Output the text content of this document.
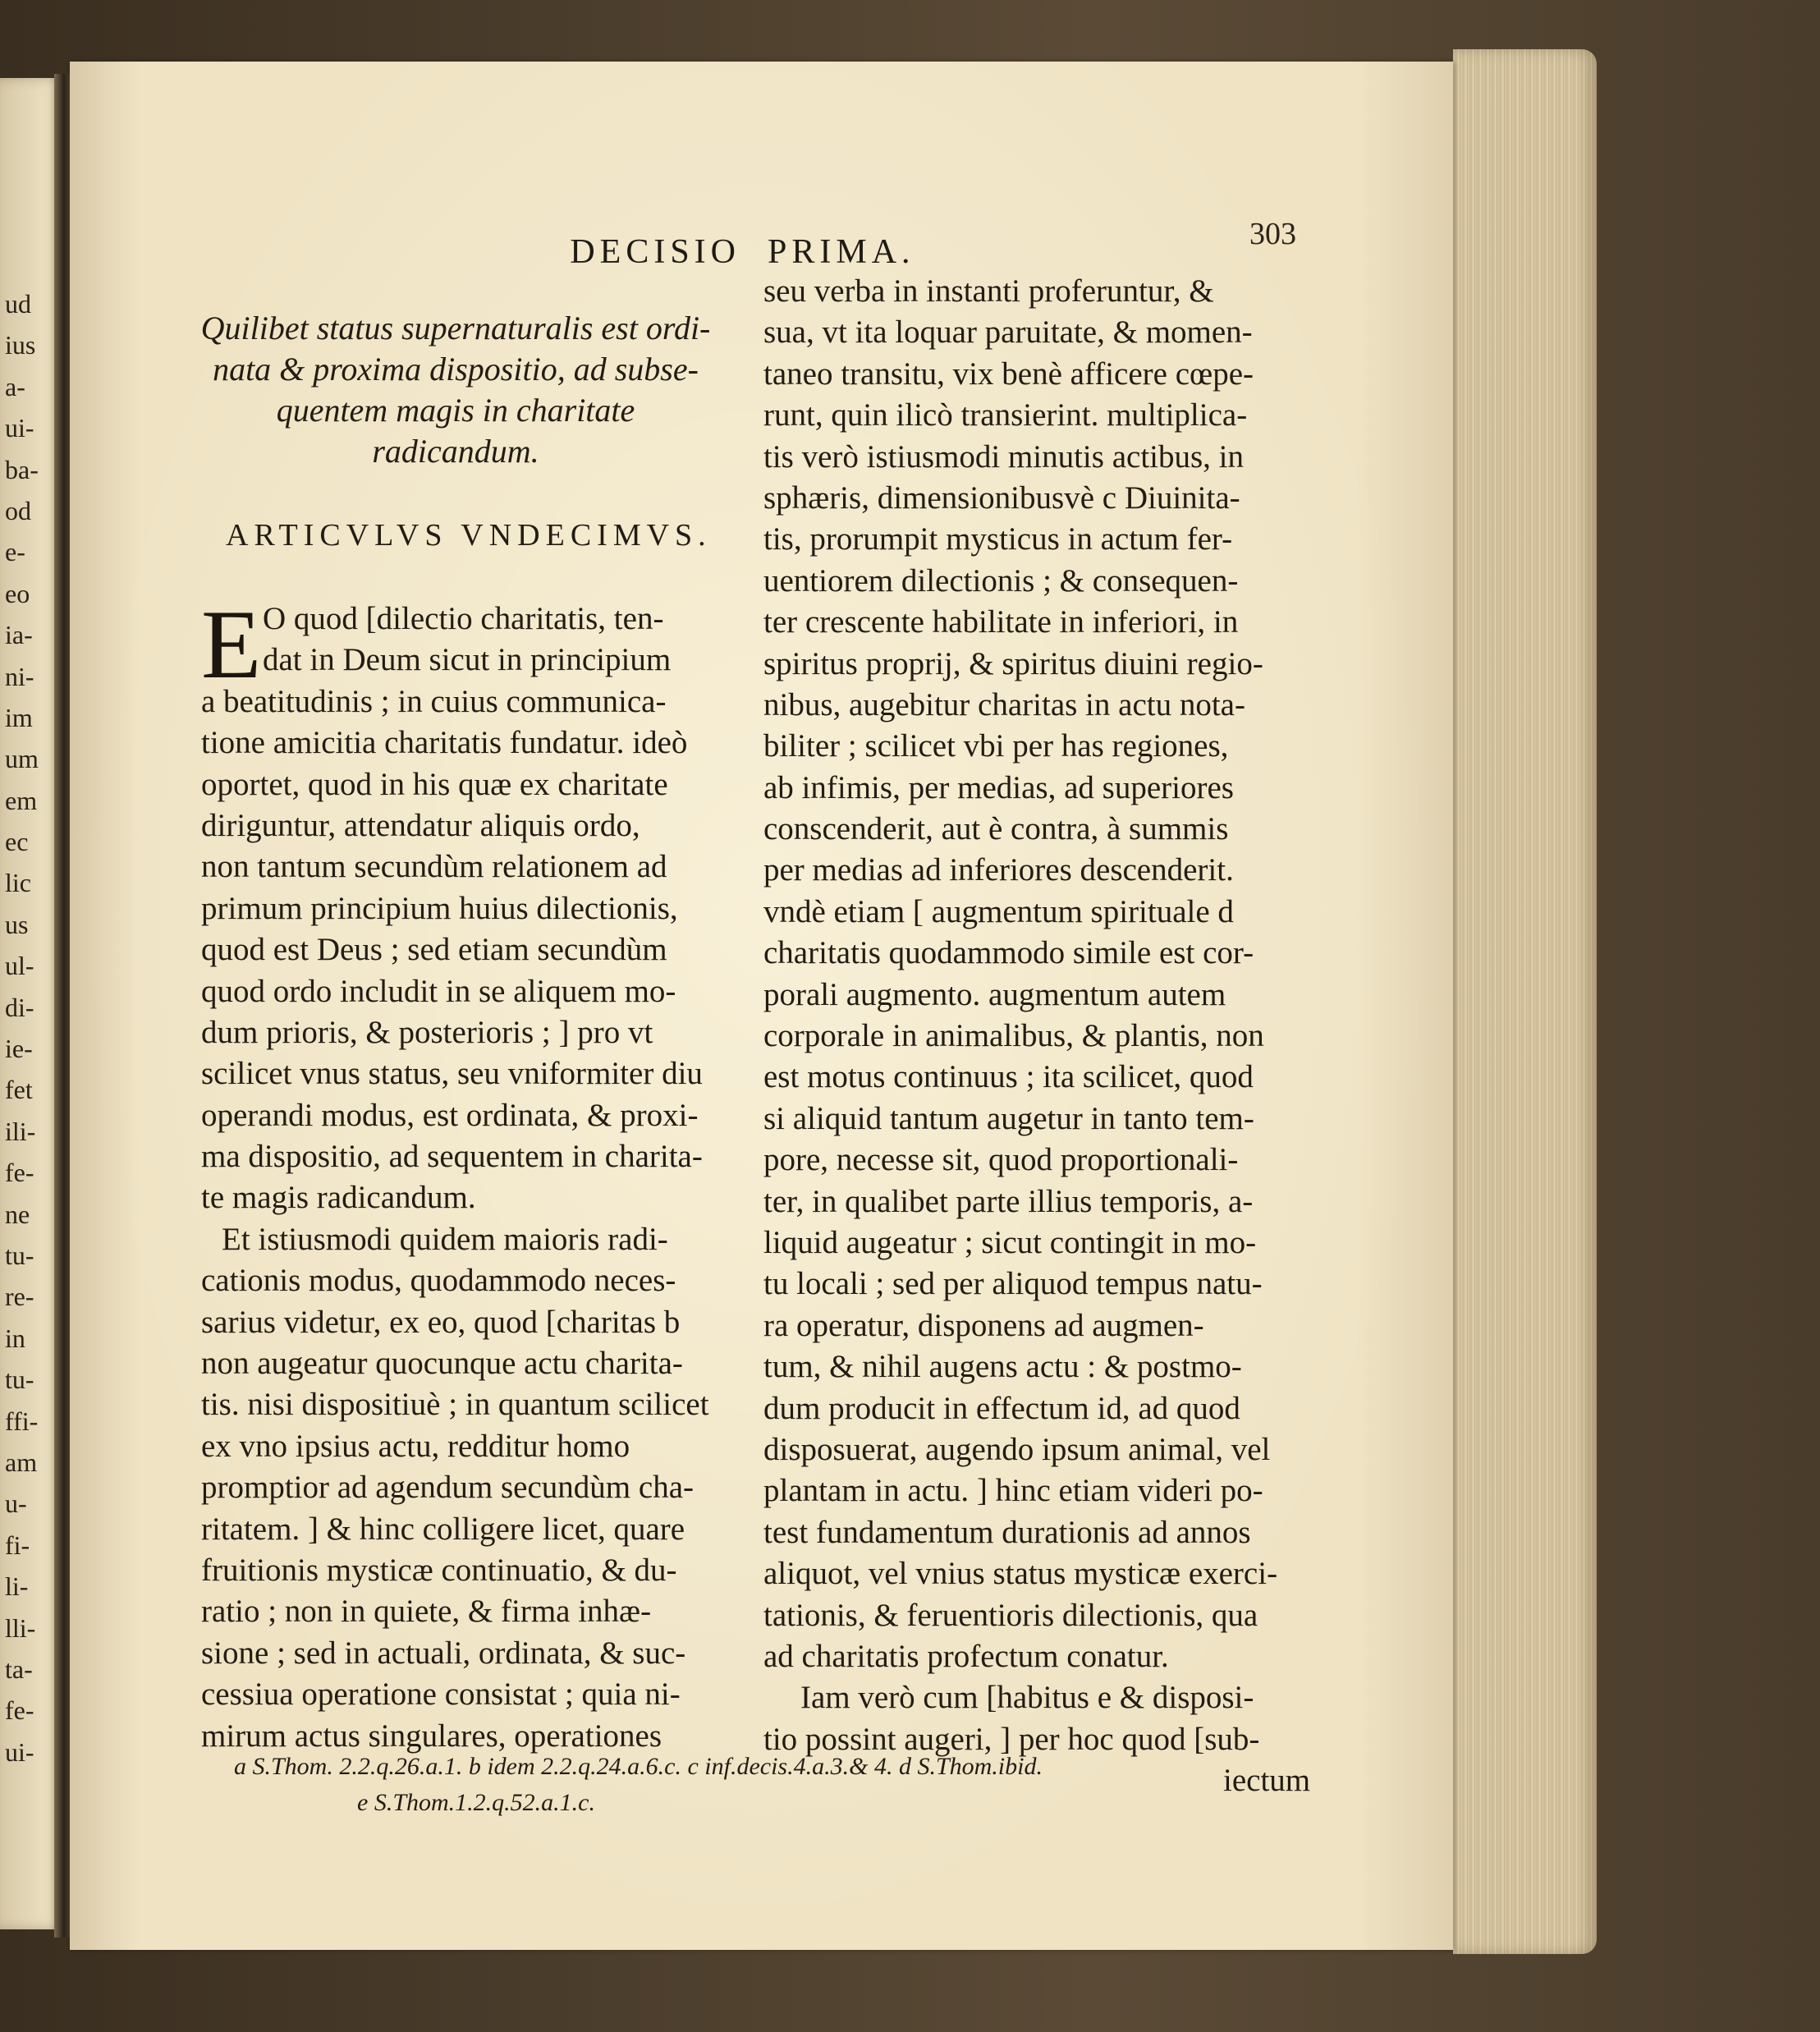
ud
ius
a-
ui-
ba-
od
e-
eo
ia-
ni-
im
um
em
ec
lic
us
ul-
di-
ie-
fet
ili-
fe-
ne
tu-
re-
in
tu-
ffi-
am
u-
fi-
li-
lli-
ta-
fe-
ui-
DECISIO PRIMA.	303
Quilibet status supernaturalis est ordi-
nata & proxima dispositio, ad subse-
quentem magis in charitate
radicandum.
ARTICVLVS VNDECIMVS.
E O quod [dilectio charitatis, ten-
dat in Deum sicut in principium
a beatitudinis ; in cuius communica-
tione amicitia charitatis fundatur. ideò
oportet, quod in his quæ ex charitate
diriguntur, attendatur aliquis ordo,
non tantum secundùm relationem ad
primum principium huius dilectionis,
quod est Deus ; sed etiam secundùm
quod ordo includit in se aliquem mo-
dum prioris, & posterioris ; ] pro vt
scilicet vnus status, seu vniformiter diu
operandi modus, est ordinata, & proxi-
ma dispositio, ad sequentem in charita-
te magis radicandum.
Et istiusmodi quidem maioris radi-
cationis modus, quodammodo neces-
sarius videtur, ex eo, quod [charitas b
non augeatur quocunque actu charita-
tis. nisi dispositiuè ; in quantum scilicet
ex vno ipsius actu, redditur homo
promptior ad agendum secundùm cha-
ritatem. ] & hinc colligere licet, quare
fruitionis mysticæ continuatio, & du-
ratio ; non in quiete, & firma inhæ-
sione ; sed in actuali, ordinata, & suc-
cessiua operatione consistat ; quia ni-
mirum actus singulares, operationes
seu verba in instanti proferuntur, &
sua, vt ita loquar paruitate, & momen-
taneo transitu, vix benè afficere cœpe-
runt, quin ilicò transierint. multiplica-
tis verò istiusmodi minutis actibus, in
sphæris, dimensionibusvè c Diuinita-
tis, prorumpit mysticus in actum fer-
uentiorem dilectionis ; & consequen-
ter crescente habilitate in inferiori, in
spiritus proprij, & spiritus diuini regio-
nibus, augebitur charitas in actu nota-
biliter ; scilicet vbi per has regiones,
ab infimis, per medias, ad superiores
conscenderit, aut è contra, à summis
per medias ad inferiores descenderit.
vndè etiam [ augmentum spirituale d
charitatis quodammodo simile est cor-
porali augmento. augmentum autem
corporale in animalibus, & plantis, non
est motus continuus ; ita scilicet, quod
si aliquid tantum augetur in tanto tem-
pore, necesse sit, quod proportionali-
ter, in qualibet parte illius temporis, a-
liquid augeatur ; sicut contingit in mo-
tu locali ; sed per aliquod tempus natu-
ra operatur, disponens ad augmen-
tum, & nihil augens actu : & postmo-
dum producit in effectum id, ad quod
disposuerat, augendo ipsum animal, vel
plantam in actu. ] hinc etiam videri po-
test fundamentum durationis ad annos
aliquot, vel vnius status mysticæ exerci-
tationis, & feruentioris dilectionis, qua
ad charitatis profectum conatur.
Iam verò cum [habitus e & disposi-
tio possint augeri, ] per hoc quod [sub-
iectum
a S.Thom. 2.2.q.26.a.1. b idem 2.2.q.24.a.6.c. c inf.decis.4.a.3.& 4. d S.Thom.ibid.
e S.Thom.1.2.q.52.a.1.c.
